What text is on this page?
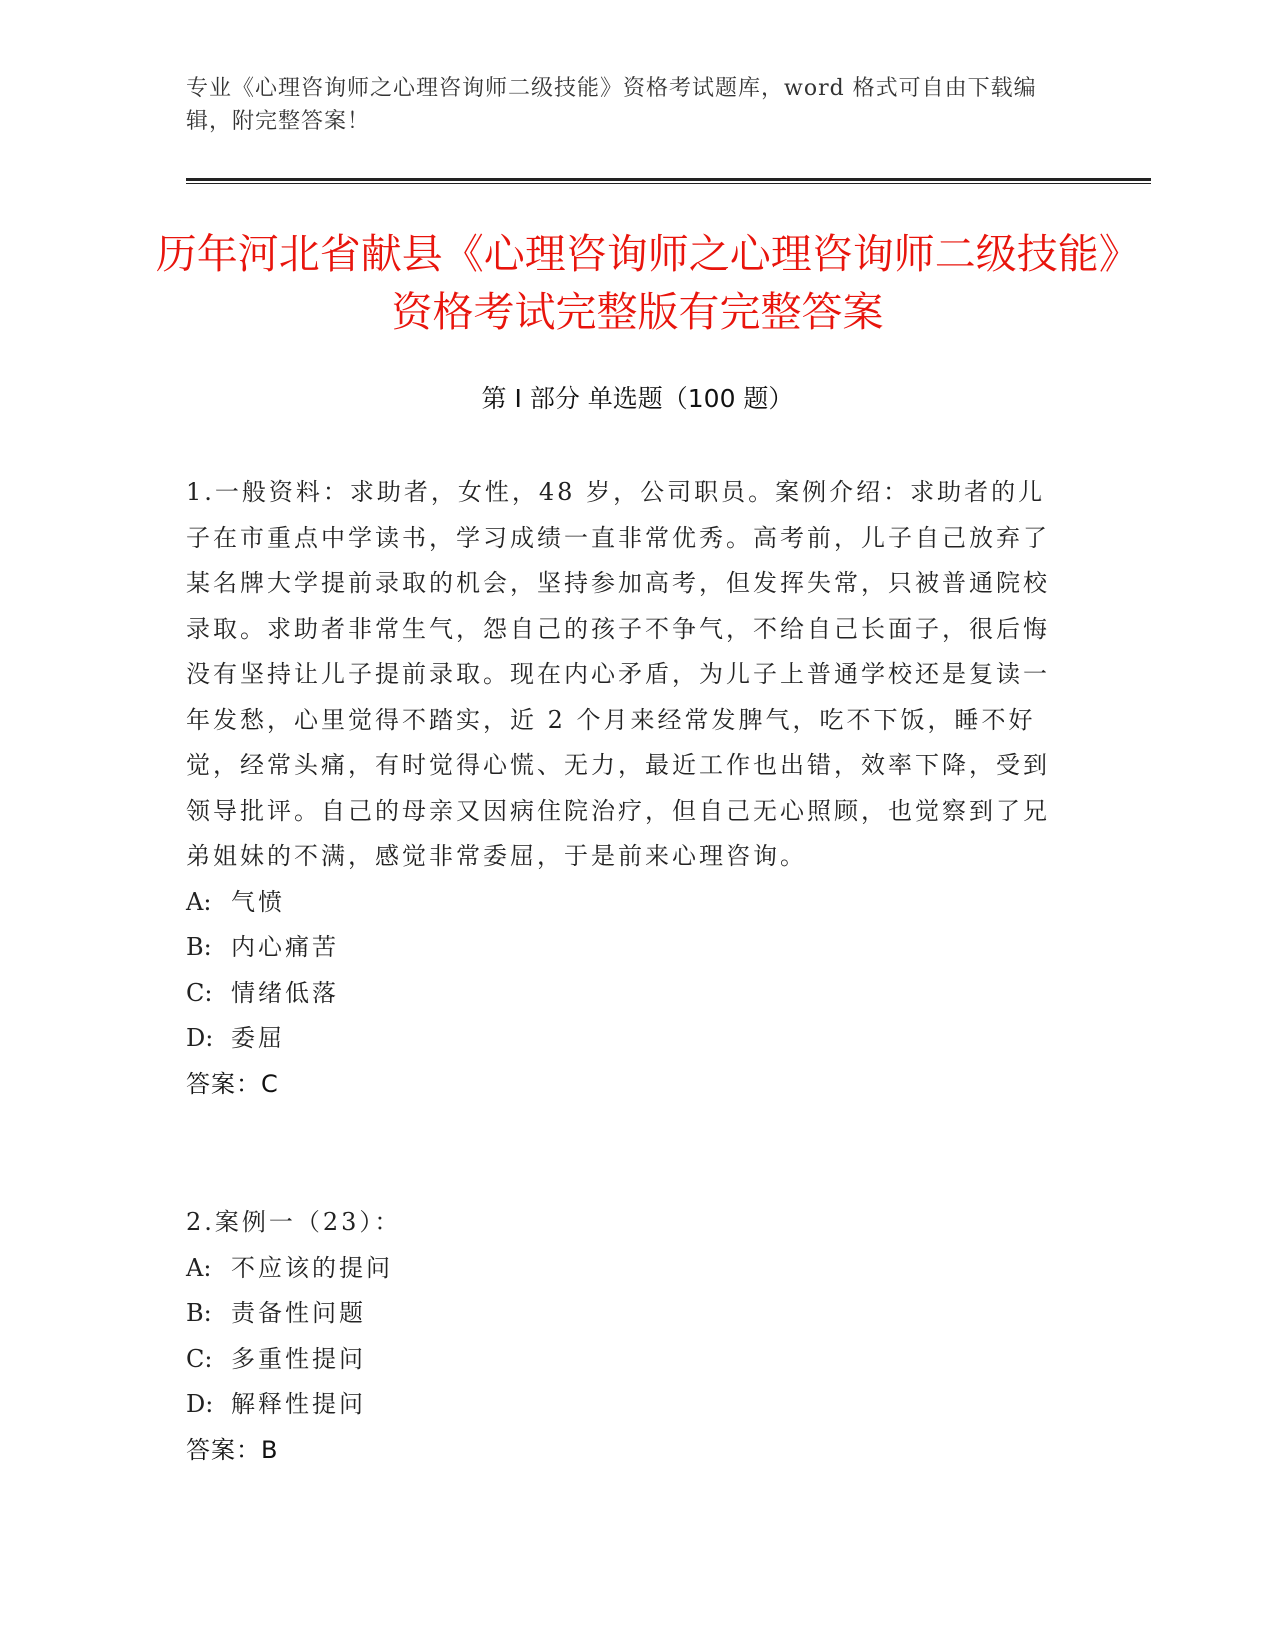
专业《心理咨询师之心理咨询师二级技能》资格考试题库，word 格式可自由下载编辑，附完整答案！
历年河北省献县《心理咨询师之心理咨询师二级技能》资格考试完整版有完整答案
第 I 部分 单选题（100 题）
1.一般资料：求助者，女性，48 岁，公司职员。案例介绍：求助者的儿子在市重点中学读书，学习成绩一直非常优秀。高考前，儿子自己放弃了某名牌大学提前录取的机会，坚持参加高考，但发挥失常，只被普通院校录取。求助者非常生气，怨自己的孩子不争气，不给自己长面子，很后悔没有坚持让儿子提前录取。现在内心矛盾，为儿子上普通学校还是复读一年发愁，心里觉得不踏实，近 2 个月来经常发脾气，吃不下饭，睡不好觉，经常头痛，有时觉得心慌、无力，最近工作也出错，效率下降，受到领导批评。自己的母亲又因病住院治疗，但自己无心照顾，也觉察到了兄弟姐妹的不满，感觉非常委屈，于是前来心理咨询。
A: 气愤
B: 内心痛苦
C: 情绪低落
D: 委屈
答案：C
2.案例一（23）：
A: 不应该的提问
B: 责备性问题
C: 多重性提问
D: 解释性提问
答案：B
